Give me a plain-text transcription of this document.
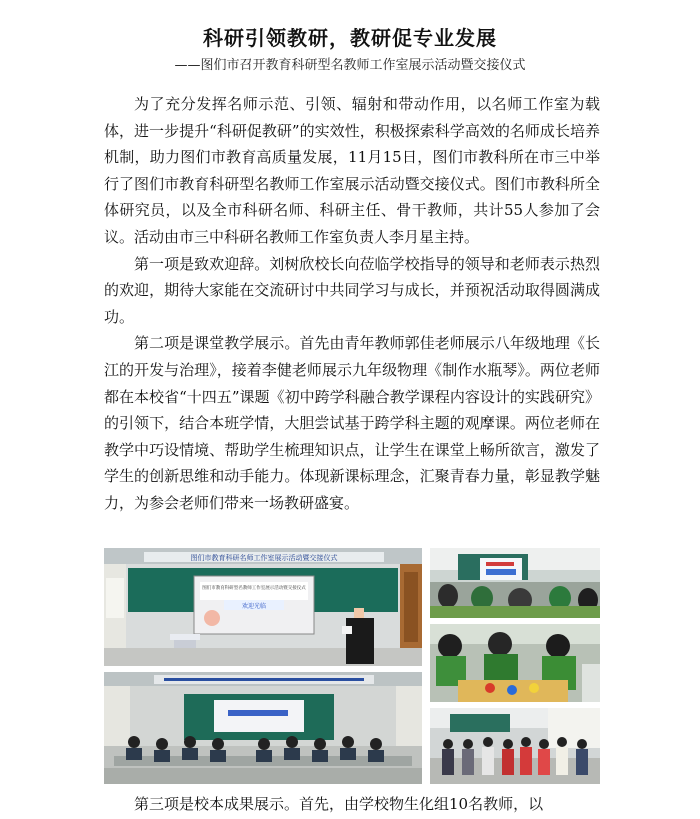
科研引领教研，教研促专业发展
——图们市召开教育科研型名教师工作室展示活动暨交接仪式

为了充分发挥名师示范、引领、辐射和带动作用，以名师工作室为载体，进一步提升“科研促教研”的实效性，积极探索科学高效的名师成长培养机制，助力图们市教育高质量发展，11月15日，图们市教科所在市三中举行了图们市教育科研型名教师工作室展示活动暨交接仪式。图们市教科所全体研究员，以及全市科研名师、科研主任、骨干教师，共计55人参加了会议。活动由市三中科研名教师工作室负责人李月星主持。

第一项是致欢迎辞。刘树欣校长向莅临学校指导的领导和老师表示热烈的欢迎，期待大家能在交流研讨中共同学习与成长，并预祝活动取得圆满成功。

第二项是课堂教学展示。首先由青年教师郭佳老师展示八年级地理《长江的开发与治理》，接着李健老师展示九年级物理《制作水瓶琴》。两位老师都在本校省“十四五”课题《初中跨学科融合教学课程内容设计的实践研究》的引领下，结合本班学情，大胆尝试基于跨学科主题的观摩课。两位老师在教学中巧设情境、帮助学生梳理知识点，让学生在课堂上畅所欲言，激发了学生的创新思维和动手能力。体现新课标理念，汇聚青春力量，彰显教学魅力，为参会老师们带来一场教研盛宴。

图们市教育科研名师工作室展示活动暨交接仪式
图们市教育科研型名教师工作室展示活动暨交接仪式
欢迎光临
第三项是校本成果展示。首先，由学校物生化组10名教师，以
